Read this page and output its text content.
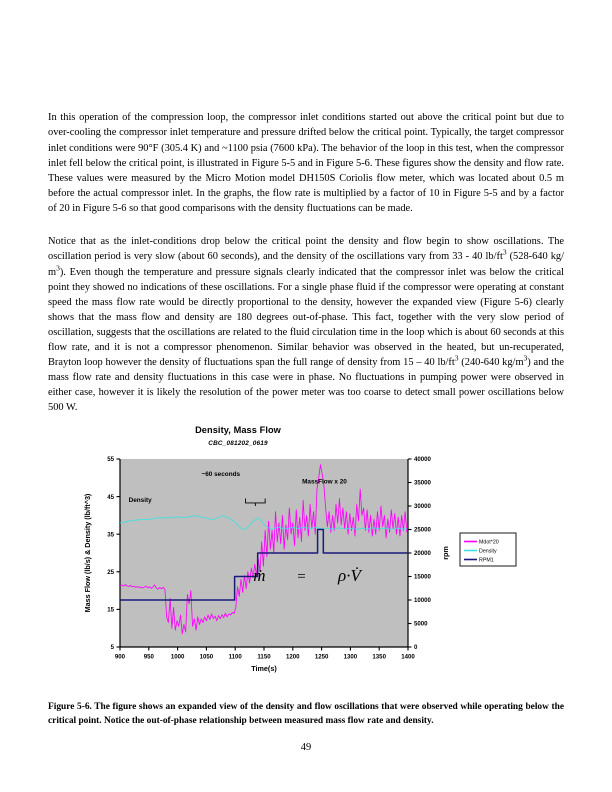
In this operation of the compression loop, the compressor inlet conditions started out above the critical point but due to over-cooling the compressor inlet temperature and pressure drifted below the critical point. Typically, the target compressor inlet conditions were 90°F (305.4 K) and ~1100 psia (7600 kPa). The behavior of the loop in this test, when the compressor inlet fell below the critical point, is illustrated in Figure 5-5 and in Figure 5-6. These figures show the density and flow rate. These values were measured by the Micro Motion model DH150S Coriolis flow meter, which was located about 0.5 m before the actual compressor inlet. In the graphs, the flow rate is multiplied by a factor of 10 in Figure 5-5 and by a factor of 20 in Figure 5-6 so that good comparisons with the density fluctuations can be made.

Notice that as the inlet-conditions drop below the critical point the density and flow begin to show oscillations. The oscillation period is very slow (about 60 seconds), and the density of the oscillations vary from 33 - 40 $lb/ft^3$ (528-640 kg/ $m^3$). Even though the temperature and pressure signals clearly indicated that the compressor inlet was below the critical point they showed no indications of these oscillations. For a single phase fluid if the compressor were operating at constant speed the mass flow rate would be directly proportional to the density, however the expanded view (Figure 5-6) clearly shows that the mass flow and density are 180 degrees out-of-phase. This fact, together with the very slow period of oscillation, suggests that the oscillations are related to the fluid circulation time in the loop which is about 60 seconds at this flow rate, and it is not a compressor phenomenon. Similar behavior was observed in the heated, but un-recuperated, Brayton loop however the density of fluctuations span the full range of density from 15 – 40 $lb/ft^3$ (240-640 $kg/m^3$) and the mass flow rate and density fluctuations in this case were in phase. No fluctuations in pumping power were observed in either case, however it is likely the resolution of the power meter was too coarse to detect small power oscillations below 500 W.

Density, Mass Flow
CBC_081202_0619
5
15
25
35
45
55
0
5000
10000
15000
20000
25000
30000
35000
40000
900	950	1000 1050	1100	1150	1200 1250 1300 1350 1400
Mass Flow (lb/s) & Density (lb/ft^3)	rpm
Time(s)
~60 seconds
MassFlow x 20
Density
ṁ = ρ·V̇
Mdot*20
Density
RPM1

Figure 5-6. The figure shows an expanded view of the density and flow oscillations that were observed while operating below the critical point. Notice the out-of-phase relationship between measured mass flow rate and density.

49
